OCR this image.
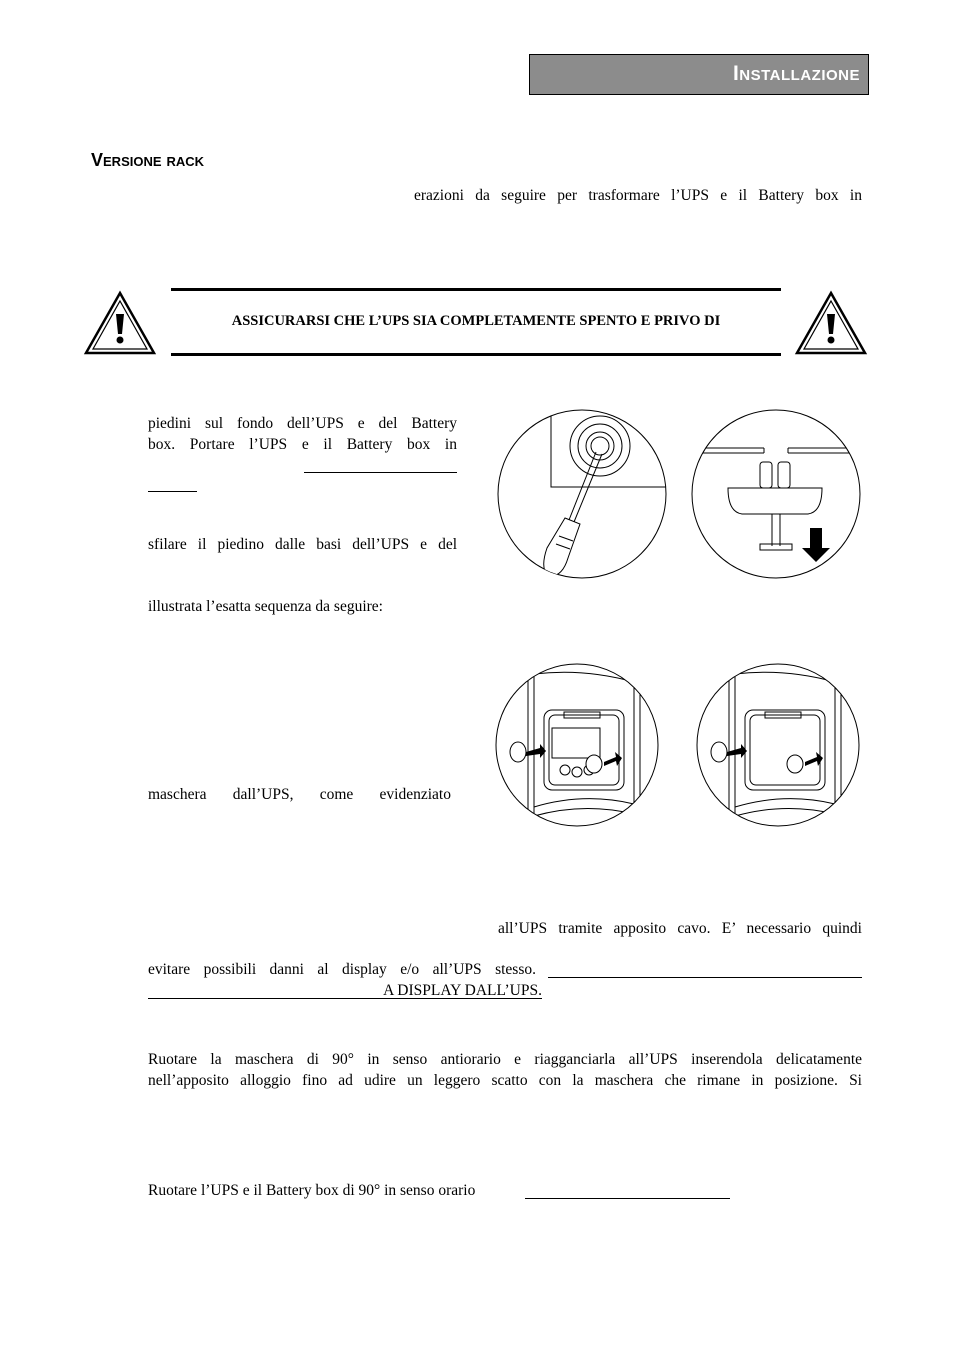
Installazione
Versione rack
erazioni da seguire per trasformare l’UPS e il Battery box in
ASSICURARSI CHE L’UPS SIA COMPLETAMENTE SPENTO E PRIVO DI
piedini sul fondo dell’UPS e del Battery
box. Portare l’UPS e il Battery box in
sfilare il piedino dalle basi dell’UPS e del
illustrata l’esatta sequenza da seguire:
maschera dall’UPS, come evidenziato
all’UPS tramite apposito cavo. E’ necessario quindi
evitare possibili danni al display e/o all’UPS stesso.
A DISPLAY DALL’UPS.
Ruotare la maschera di 90° in senso antiorario e riagganciarla all’UPS inserendola delicatamente
nell’apposito alloggio fino ad udire un leggero scatto con la maschera che rimane in posizione. Si
Ruotare l’UPS e il Battery box di 90° in senso orario
